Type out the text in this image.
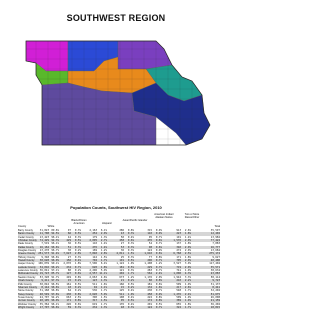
SOUTHWEST REGION
Population Counts, Southwest HIV Region, 2010
County	White
Black/African American	Hispanic
Asian/Pacific Islander
American Indian/ Alaskan Native
Two or More Races/Other
Total
Barry County	31,823 89.6%	97 0.3%	2,163 6.1%	286 0.8%	315 0.9%	913 2.6%	35,597
Barton County 11,708 94.5%	66 0.5%	252 2.0%	43 0.3%	110 0.9%	223 1.8%	12,402
Cedar County 13,423 96.1%	44 0.3%	179 1.3%	50 0.4%	95 0.7%	191 1.4%	13,982
Christian County 74,429 94.3%	429 0.5%	2,095 2.7%	458 0.6%	435 0.6%	1,576 2.0%	77,422
Dade County	7,519 96.1%	36 0.5%	110 1.4%	27 0.3%	54 0.7%	137 1.8%	7,883
Dallas County 16,162 96.6%	51 0.3%	235 1.4%	53 0.3%	98 0.6%	340 2.0%	16,777
Douglas County 13,278 96.7%	30 0.2%	169 1.2%	36 0.3%	124 0.9%	272 2.0%	13,684
Greene County 251,573 91.4% 7,623 2.8%	7,840 2.8%	4,011 1.5%	1,610 0.6%	6,768 2.5%	275,174
Hickory County 9,348 96.6%	27 0.3%	142 1.5%	25 0.3%	77 0.8%	171 1.8%	9,627
Howell County 38,628 96.0%	156 0.4%	702 1.7%	191 0.5%	296 0.7%	795 2.0%	40,400
Jasper County 106,039 90.1% 2,070 1.8%	7,506 6.4%	1,122 1.0%	1,408 1.2%	3,527 3.0%	117,404
Laclede County 34,016 96.2%	234 0.7%	620 1.8%	181 0.5%	229 0.7%	719 2.0%	35,571
Lawrence County 36,041 93.1%	80 0.2%	2,296 5.9%	121 0.3%	283 0.7%	741 1.9%	38,634
McDonald County 19,723 85.7%	127 0.6%	2,557 11.1%	402 1.7%	562 2.4%	1,000 4.3%	23,083
Newton County 53,328 91.7%	449 0.8%	2,663 4.6%	673 1.2%	1,176 2.0%	1,942 3.3%	58,114
Ozark County	9,411 97.3%	15 0.2%	123 1.3%	21 0.2%	80 0.8%	210 2.2%	9,723
Polk County	30,042 96.5%	161 0.5%	511 1.6%	166 0.5%	181 0.6%	599 1.9%	31,137
Shannon County 8,144 96.6%	18 0.2%	94 1.1%	15 0.2%	132 1.6%	217 2.6%	8,441
Stone County 31,168 96.8%	64 0.2%	536 1.7%	125 0.4%	230 0.7%	548 1.7%	32,202
Taney County 48,549 93.6%	430 0.8%	2,620 5.0%	511 1.0%	458 0.9%	1,235 2.4%	51,675
Texas County 24,707 94.2%	663 2.5%	390 1.5%	108 0.4%	222 0.8%	509 1.9%	26,008
Vernon County 20,195 96.0%	171 0.8%	317 1.5%	95 0.5%	172 0.8%	389 1.9%	21,159
Webster County 35,364 96.1%	226 0.6%	619 1.7%	135 0.4%	201 0.5%	655 1.8%	36,202
Wright County 17,797 96.6%	59 0.3%	234 1.3%	48 0.3%	124 0.7%	322 1.7%	18,815
